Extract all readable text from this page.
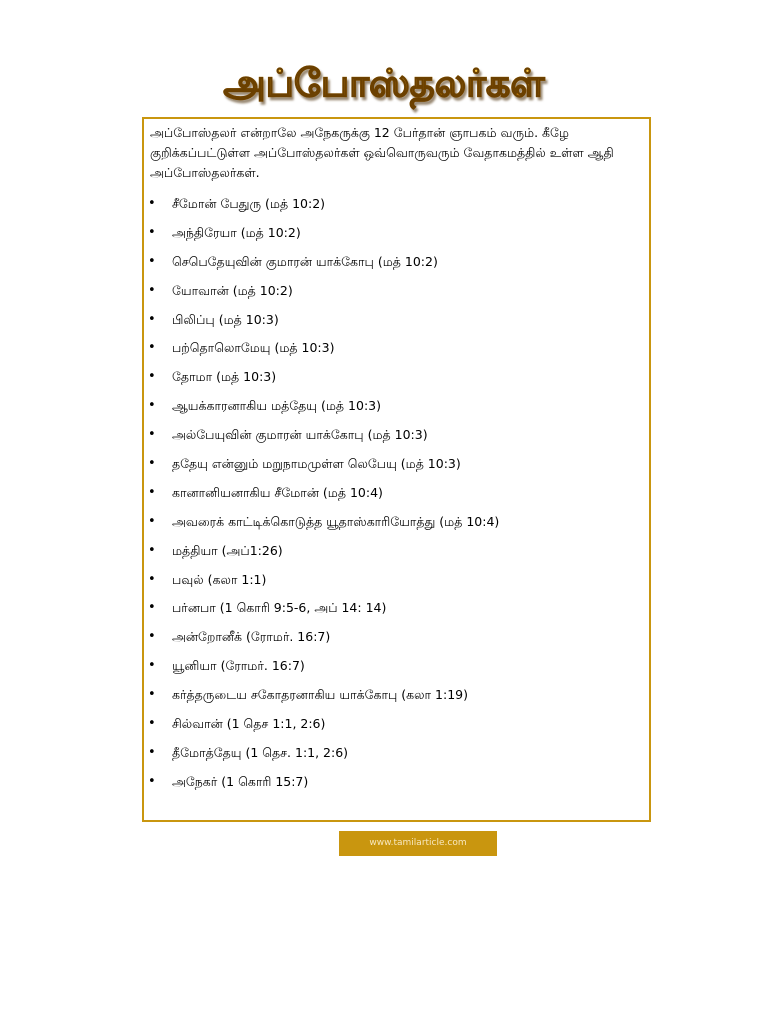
அப்போஸ்தலர்கள்

அப்போஸ்தலர் என்றாலே அநேகருக்கு 12 பேர்தான் ஞாபகம் வரும். கீழே குறிக்கப்பட்டுள்ள அப்போஸ்தலர்கள் ஒவ்வொருவரும் வேதாகமத்தில் உள்ள ஆதி அப்போஸ்தலர்கள்.

• சீமோன் பேதுரு (மத் 10:2)
• அந்திரேயா (மத் 10:2)
• செபெதேயுவின் குமாரன் யாக்கோபு (மத் 10:2)
• யோவான் (மத் 10:2)
• பிலிப்பு (மத் 10:3)
• பற்தொலொமேயு (மத் 10:3)
• தோமா (மத் 10:3)
• ஆயக்காரனாகிய மத்தேயு (மத் 10:3)
• அல்பேயுவின் குமாரன் யாக்கோபு (மத் 10:3)
• ததேயு என்னும் மறுநாமமுள்ள லெபேயு (மத் 10:3)
• கானானியனாகிய சீமோன் (மத் 10:4)
• அவரைக் காட்டிக்கொடுத்த யூதாஸ்காரியோத்து (மத் 10:4)
• மத்தியா (அப்1:26)
• பவுல் (கலா 1:1)
• பர்னபா (1 கொரி 9:5-6, அப் 14: 14)
• அன்றோனீக் (ரோமர். 16:7)
• யூனியா (ரோமர். 16:7)
• கர்த்தருடைய சகோதரனாகிய யாக்கோபு (கலா 1:19)
• சில்வான் (1 தெச 1:1, 2:6)
• தீமோத்தேயு (1 தெச. 1:1, 2:6)
• அநேகர் (1 கொரி 15:7)
www.tamilarticle.com
